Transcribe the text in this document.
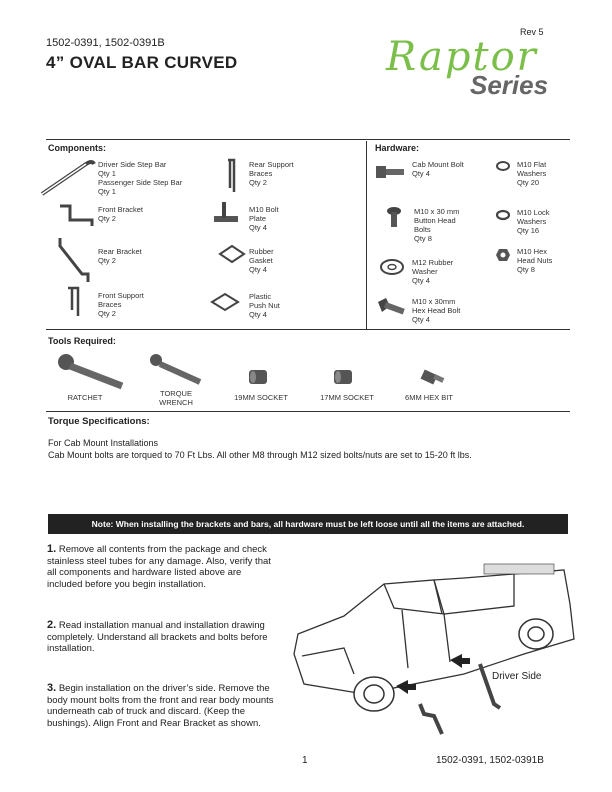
1502-0391, 1502-0391B
4” OVAL BAR CURVED
Rev 5
Raptor
Series
Components:
Driver Side Step Bar
Qty 1
Passenger Side Step Bar
Qty 1
Front Bracket
Qty 2
Rear Bracket
Qty 2
Front Support
Braces
Qty 2
Rear Support
Braces
Qty 2
M10 Bolt
Plate
Qty 4
Rubber
Gasket
Qty 4
Plastic
Push Nut
Qty 4
Hardware:
Cab Mount Bolt
Qty 4
M10 x 30 mm
Button Head
Bolts
Qty 8
M12 Rubber
Washer
Qty 4
M10 x 30mm
Hex Head Bolt
Qty 4
M10 Flat
Washers
Qty 20
M10 Lock
Washers
Qty 16
M10 Hex
Head Nuts
Qty 8
Tools Required:
RATCHET	TORQUE
WRENCH
19MM SOCKET	17MM SOCKET	6MM HEX BIT
Torque Specifications:
For Cab Mount Installations
Cab Mount bolts are torqued to 70 Ft Lbs. All other M8 through M12 sized bolts/nuts are set to 15-20 ft lbs.
Note: When installing the brackets and bars, all hardware must be left loose until all the items are attached.
1. Remove all contents from the package and check stainless steel tubes for any damage. Also, verify that all components and hardware listed above are included before you begin installation.
2. Read installation manual and installation drawing completely. Understand all brackets and bolts before installation.
3. Begin installation on the driver’s side. Remove the body mount bolts from the front and rear body mounts underneath cab of truck and discard. (Keep the bushings). Align Front and Rear Bracket as shown.
Driver Side
1	1502-0391, 1502-0391B
